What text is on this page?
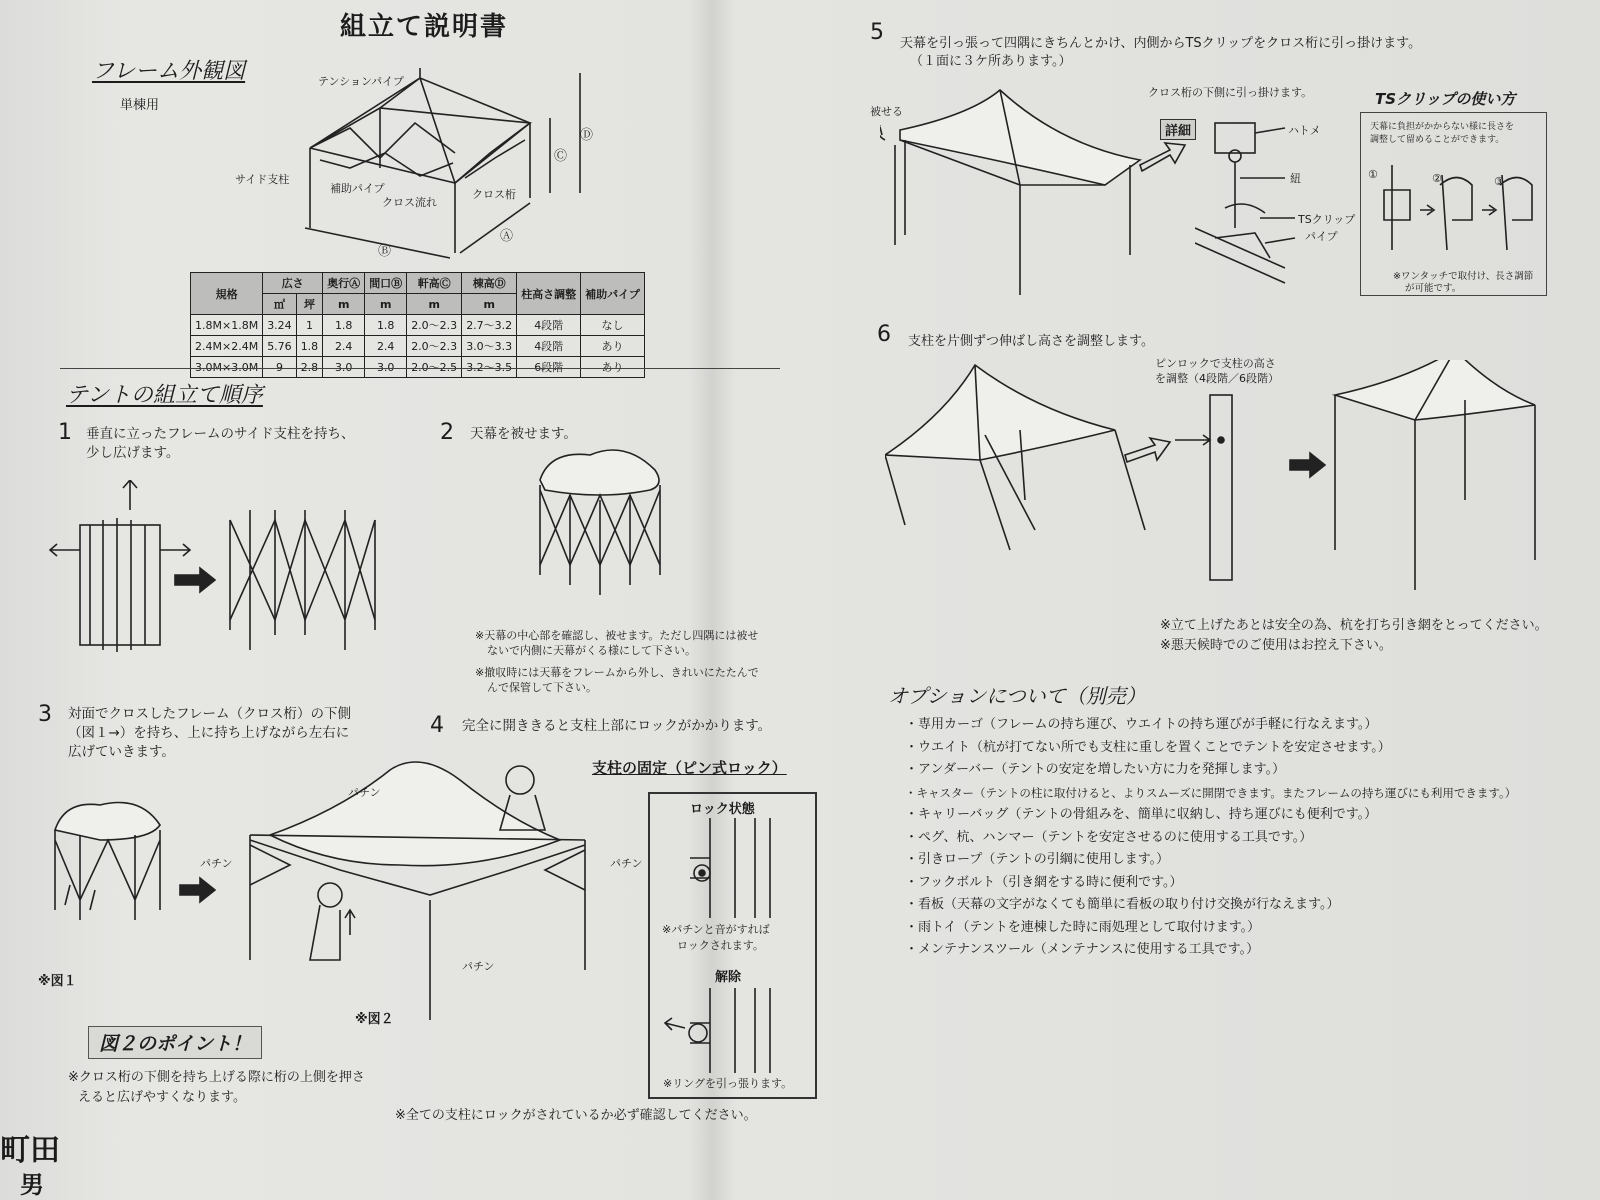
組立て説明書
フレーム外観図
単棟用
テンションパイプ
サイド支柱
補助パイプ
クロス流れ
クロス桁
Ⓓ
Ⓒ
Ⓑ
Ⓐ
規格	広さ		奥行Ⓐ	間口Ⓑ	軒高Ⓒ	棟高Ⓓ	柱高さ調整	補助パイプ
	㎡	坪	m	m	m	m		
1.8M×1.8M	3.24	1	1.8	1.8	2.0〜2.3	2.7〜3.2	4段階	なし
2.4M×2.4M	5.76	1.8	2.4	2.4	2.0〜2.3	3.0〜3.3	4段階	あり
3.0M×3.0M	9	2.8	3.0	3.0	2.0〜2.5	3.2〜3.5	6段階	あり
テントの組立て順序
1 垂直に立ったフレームのサイド支柱を持ち、
少し広げます。
2 天幕を被せます。
※天幕の中心部を確認し、被せます。ただし四隅には被せ
ないで内側に天幕がくる様にして下さい。
※撤収時には天幕をフレームから外し、きれいにたたんで
んで保管して下さい。
3 対面でクロスしたフレーム（クロス桁）の下側
（図１→）を持ち、上に持ち上げながら左右に
広げていきます。
4 完全に開ききると支柱上部にロックがかかります。
パチン
パチン	パチン
パチン
※図１
※図２
支柱の固定（ピン式ロック）
ロック状態
※パチンと音がすれば
ロックされます。
解除
※リングを引っ張ります。
図２のポイント！
※クロス桁の下側を持ち上げる際に桁の上側を押さ
えると広げやすくなります。
※全ての支柱にロックがされているか必ず確認してください。
町田
男
5 天幕を引っ張って四隅にきちんとかけ、内側からTSクリップをクロス桁に引っ掛けます。
（１面に３ケ所あります。）
被せる
クロス桁の下側に引っ掛けます。
詳細	ハトメ
紐
TSクリップ
パイプ
TSクリップの使い方
天幕に負担がかからない様に長さを
調整して留めることができます。
①	②	③
※ワンタッチで取付け、長さ調節
が可能です。
6 支柱を片側ずつ伸ばし高さを調整します。
ピンロックで支柱の高さ
を調整（4段階／6段階）
※立て上げたあとは安全の為、杭を打ち引き網をとってください。
※悪天候時でのご使用はお控え下さい。
オプションについて（別売）
・専用カーゴ（フレームの持ち運び、ウエイトの持ち運びが手軽に行なえます。）
・ウエイト（杭が打てない所でも支柱に重しを置くことでテントを安定させます。）
・アンダーバー（テントの安定を増したい方に力を発揮します。）
・キャスター（テントの柱に取付けると、よりスムーズに開閉できます。またフレームの持ち運びにも利用できます。）
・キャリーバッグ（テントの骨組みを、簡単に収納し、持ち運びにも便利です。）
・ペグ、杭、ハンマー（テントを安定させるのに使用する工具です。）
・引きロープ（テントの引綱に使用します。）
・フックボルト（引き網をする時に便利です。）
・看板（天幕の文字がなくても簡単に看板の取り付け交換が行なえます。）
・雨トイ（テントを連棟した時に雨処理として取付けます。）
・メンテナンスツール（メンテナンスに使用する工具です。）
